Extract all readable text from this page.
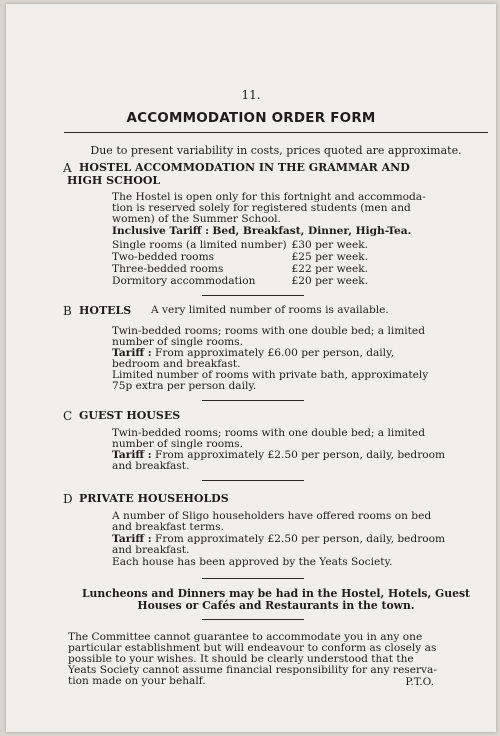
11.
ACCOMMODATION ORDER FORM
Due to present variability in costs, prices quoted are approximate.
A HOSTEL ACCOMMODATION IN THE GRAMMAR AND
HIGH SCHOOL
The Hostel is open only for this fortnight and accommoda-
tion is reserved solely for registered students (men and
women) of the Summer School.
Inclusive Tariff : Bed, Breakfast, Dinner, High-Tea.
Single rooms (a limited number) £30 per week.
Two-bedded rooms	£25 per week.
Three-bedded rooms	£22 per week.
Dormitory accommodation	£20 per week.
B HOTELS A very limited number of rooms is available.
Twin-bedded rooms; rooms with one double bed; a limited
number of single rooms.
Tariff : From approximately £6.00 per person, daily,
bedroom and breakfast.
Limited number of rooms with private bath, approximately
75p extra per person daily.
C GUEST HOUSES
Twin-bedded rooms; rooms with one double bed; a limited
number of single rooms.
Tariff : From approximately £2.50 per person, daily, bedroom
and breakfast.
D PRIVATE HOUSEHOLDS
A number of Sligo householders have offered rooms on bed
and breakfast terms.
Tariff : From approximately £2.50 per person, daily, bedroom
and breakfast.
Each house has been approved by the Yeats Society.
Luncheons and Dinners may be had in the Hostel, Hotels, Guest
Houses or Cafés and Restaurants in the town.
The Committee cannot guarantee to accommodate you in any one
particular establishment but will endeavour to conform as closely as
possible to your wishes. It should be clearly understood that the
Yeats Society cannot assume financial responsibility for any reserva-
tion made on your behalf.	P.T.O.
